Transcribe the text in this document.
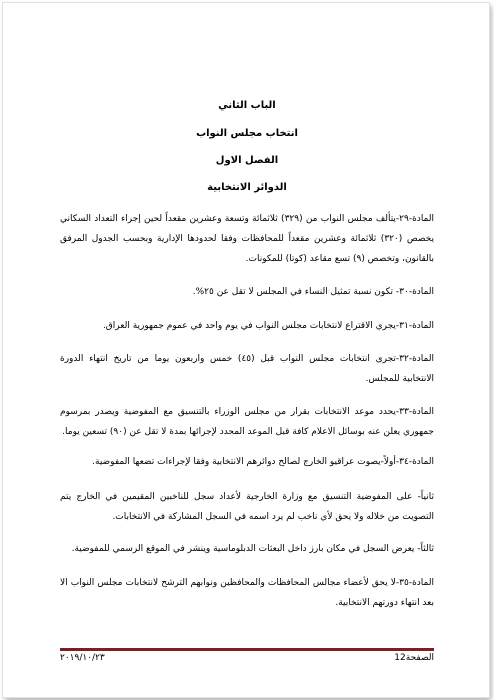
الباب الثاني
انتخاب مجلس النواب
الفصل الاول
الدوائر الانتخابية

المادة-٢٩-يتألف مجلس النواب من (٣٢٩) ثلاثمائة وتسعة وعشرين مقعداً لحين إجراء التعداد السكاني يخصص (٣٢٠) ثلاثمائة وعشرين مقعداً للمحافظات وفقا لحدودها الإدارية وبحسب الجدول المرفق بالقانون، وتخصص (٩) تسع مقاعد (كوتا) للمكونات.

المادة-٣٠- تكون نسبة تمثيل النساء في المجلس لا تقل عن ٢٥%.

المادة-٣١-يجري الاقتراع لانتخابات مجلس النواب في يوم واحد في عموم جمهورية العراق.

المادة-٣٢-تجرى انتخابات مجلس النواب قبل (٤٥) خمس واربعون يوما من تاريخ انتهاء الدورة الانتخابية للمجلس.

المادة-٣٣-يحدد موعد الانتخابات بقرار من مجلس الوزراء بالتنسيق مع المفوضية ويصدر بمرسوم جمهوري يعلن عنه بوسائل الاعلام كافة قبل الموعد المحدد لإجرائها بمدة لا تقل عن (٩٠) تسعين يوما.

المادة-٣٤-أولاً-يصوت عراقيو الخارج لصالح دوائرهم الانتخابية وفقا لإجراءات تضعها المفوضية.

ثانياً- على المفوضية التنسيق مع وزارة الخارجية لأعداد سجل للناخبين المقيمين في الخارج يتم التصويت من خلاله ولا يحق لأي ناخب لم يرد اسمه في السجل المشاركة في الانتخابات.

ثالثاً- يعرض السجل في مكان بارز داخل البعثات الدبلوماسية وينشر في الموقع الرسمي للمفوضية.

المادة-٣٥-لا يحق لأعضاء مجالس المحافظات والمحافظين ونوابهم الترشح لانتخابات مجلس النواب الا بعد انتهاء دورتهم الانتخابية.

الصفحة12
٢٠١٩/١٠/٢٣
